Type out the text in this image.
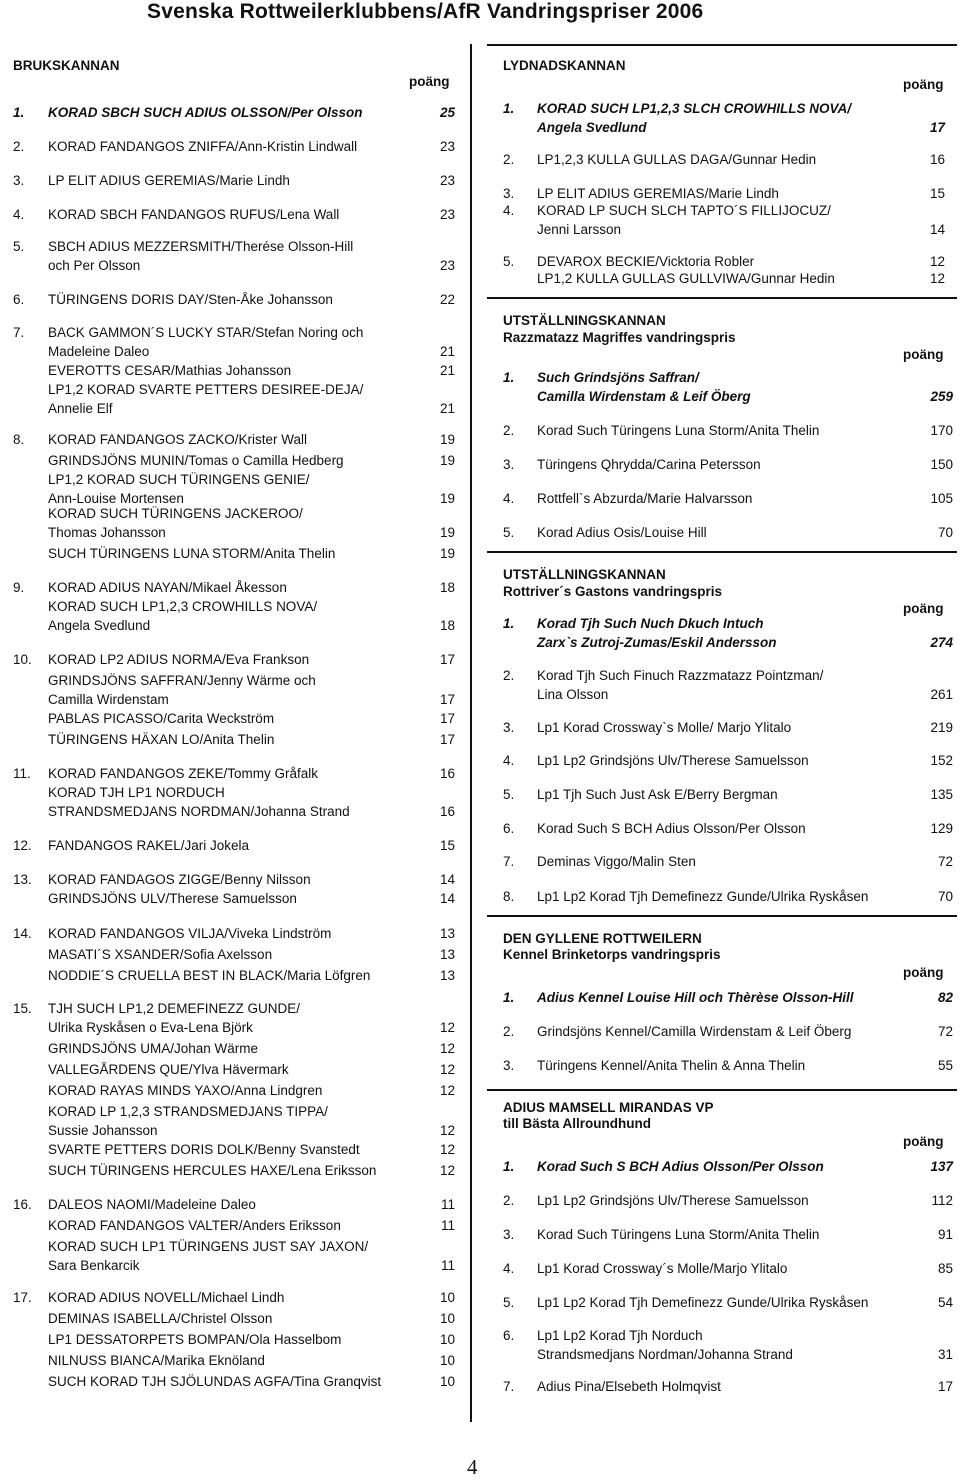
Svenska Rottweilerklubbens/AfR Vandringspriser 2006
BRUKSKANNAN
poäng
1. KORAD SBCH SUCH ADIUS OLSSON/Per Olsson	25
2. KORAD FANDANGOS ZNIFFA/Ann-Kristin Lindwall	23
3. LP ELIT ADIUS GEREMIAS/Marie Lindh	23
4. KORAD SBCH FANDANGOS RUFUS/Lena Wall	23
5. SBCH ADIUS MEZZERSMITH/Therése Olsson-Hill
och Per Olsson	23
6. TÜRINGENS DORIS DAY/Sten-Åke Johansson	22
7. BACK GAMMON´S LUCKY STAR/Stefan Noring och
Madeleine Daleo	21
EVEROTTS CESAR/Mathias Johansson	21
LP1,2 KORAD SVARTE PETTERS DESIREE-DEJA/
Annelie Elf	21
8. KORAD FANDANGOS ZACKO/Krister Wall	19
GRINDSJÖNS MUNIN/Tomas o Camilla Hedberg	19
LP1,2 KORAD SUCH TÜRINGENS GENIE/
Ann-Louise Mortensen	19
KORAD SUCH TÜRINGENS JACKEROO/
Thomas Johansson	19
SUCH TÜRINGENS LUNA STORM/Anita Thelin	19
9. KORAD ADIUS NAYAN/Mikael Åkesson	18
KORAD SUCH LP1,2,3 CROWHILLS NOVA/
Angela Svedlund	18
10. KORAD LP2 ADIUS NORMA/Eva Frankson	17
GRINDSJÖNS SAFFRAN/Jenny Wärme och
Camilla Wirdenstam	17
PABLAS PICASSO/Carita Weckström	17
TÜRINGENS HÄXAN LO/Anita Thelin	17
11. KORAD FANDANGOS ZEKE/Tommy Gråfalk	16
KORAD TJH LP1 NORDUCH
STRANDSMEDJANS NORDMAN/Johanna Strand	16
12. FANDANGOS RAKEL/Jari Jokela	15
13. KORAD FANDAGOS ZIGGE/Benny Nilsson	14
GRINDSJÖNS ULV/Therese Samuelsson	14
14. KORAD FANDANGOS VILJA/Viveka Lindström	13
MASATI´S XSANDER/Sofia Axelsson	13
NODDIE´S CRUELLA BEST IN BLACK/Maria Löfgren	13
15. TJH SUCH LP1,2 DEMEFINEZZ GUNDE/
Ulrika Ryskåsen o Eva-Lena Björk	12
GRINDSJÖNS UMA/Johan Wärme	12
VALLEGÅRDENS QUE/Ylva Hävermark	12
KORAD RAYAS MINDS YAXO/Anna Lindgren	12
KORAD LP 1,2,3 STRANDSMEDJANS TIPPA/
Sussie Johansson	12
SVARTE PETTERS DORIS DOLK/Benny Svanstedt	12
SUCH TÜRINGENS HERCULES HAXE/Lena Eriksson	12
16. DALEOS NAOMI/Madeleine Daleo	11
KORAD FANDANGOS VALTER/Anders Eriksson	11
KORAD SUCH LP1 TÜRINGENS JUST SAY JAXON/
Sara Benkarcik	11
17. KORAD ADIUS NOVELL/Michael Lindh	10
DEMINAS ISABELLA/Christel Olsson	10
LP1 DESSATORPETS BOMPAN/Ola Hasselbom	10
NILNUSS BIANCA/Marika Eknöland	10
SUCH KORAD TJH SJÖLUNDAS AGFA/Tina Granqvist	10
LYDNADSKANNAN
poäng
1. KORAD SUCH LP1,2,3 SLCH CROWHILLS NOVA/
Angela Svedlund	17
2. LP1,2,3 KULLA GULLAS DAGA/Gunnar Hedin	16
3. LP ELIT ADIUS GEREMIAS/Marie Lindh	15
4. KORAD LP SUCH SLCH TAPTO´S FILLIJOCUZ/
Jenni Larsson	14
5. DEVAROX BECKIE/Vicktoria Robler	12
LP1,2 KULLA GULLAS GULLVIWA/Gunnar Hedin	12
UTSTÄLLNINGSKANNAN
Razzmatazz Magriffes vandringspris
poäng
1. Such Grindsjöns Saffran/
Camilla Wirdenstam & Leif Öberg	259
2. Korad Such Türingens Luna Storm/Anita Thelin	170
3. Türingens Qhrydda/Carina Petersson	150
4. Rottfell`s Abzurda/Marie Halvarsson	105
5. Korad Adius Osis/Louise Hill	70
UTSTÄLLNINGSKANNAN
Rottriver´s Gastons vandringspris
poäng
1. Korad Tjh Such Nuch Dkuch Intuch
Zarx`s Zutroj-Zumas/Eskil Andersson	274
2. Korad Tjh Such Finuch Razzmatazz Pointzman/
Lina Olsson	261
3. Lp1 Korad Crossway`s Molle/ Marjo Ylitalo	219
4. Lp1 Lp2 Grindsjöns Ulv/Therese Samuelsson	152
5. Lp1 Tjh Such Just Ask E/Berry Bergman	135
6. Korad Such S BCH Adius Olsson/Per Olsson	129
7. Deminas Viggo/Malin Sten	72
8. Lp1 Lp2 Korad Tjh Demefinezz Gunde/Ulrika Ryskåsen	70
DEN GYLLENE ROTTWEILERN
Kennel Brinketorps vandringspris
poäng
1. Adius Kennel Louise Hill och Thèrèse Olsson-Hill	82
2. Grindsjöns Kennel/Camilla Wirdenstam & Leif Öberg	72
3. Türingens Kennel/Anita Thelin & Anna Thelin	55
ADIUS MAMSELL MIRANDAS VP
till Bästa Allroundhund
poäng
1. Korad Such S BCH Adius Olsson/Per Olsson	137
2. Lp1 Lp2 Grindsjöns Ulv/Therese Samuelsson	112
3. Korad Such Türingens Luna Storm/Anita Thelin	91
4. Lp1 Korad Crossway´s Molle/Marjo Ylitalo	85
5. Lp1 Lp2 Korad Tjh Demefinezz Gunde/Ulrika Ryskåsen	54
6. Lp1 Lp2 Korad Tjh Norduch
Strandsmedjans Nordman/Johanna Strand	31
7. Adius Pina/Elsebeth Holmqvist	17
4
